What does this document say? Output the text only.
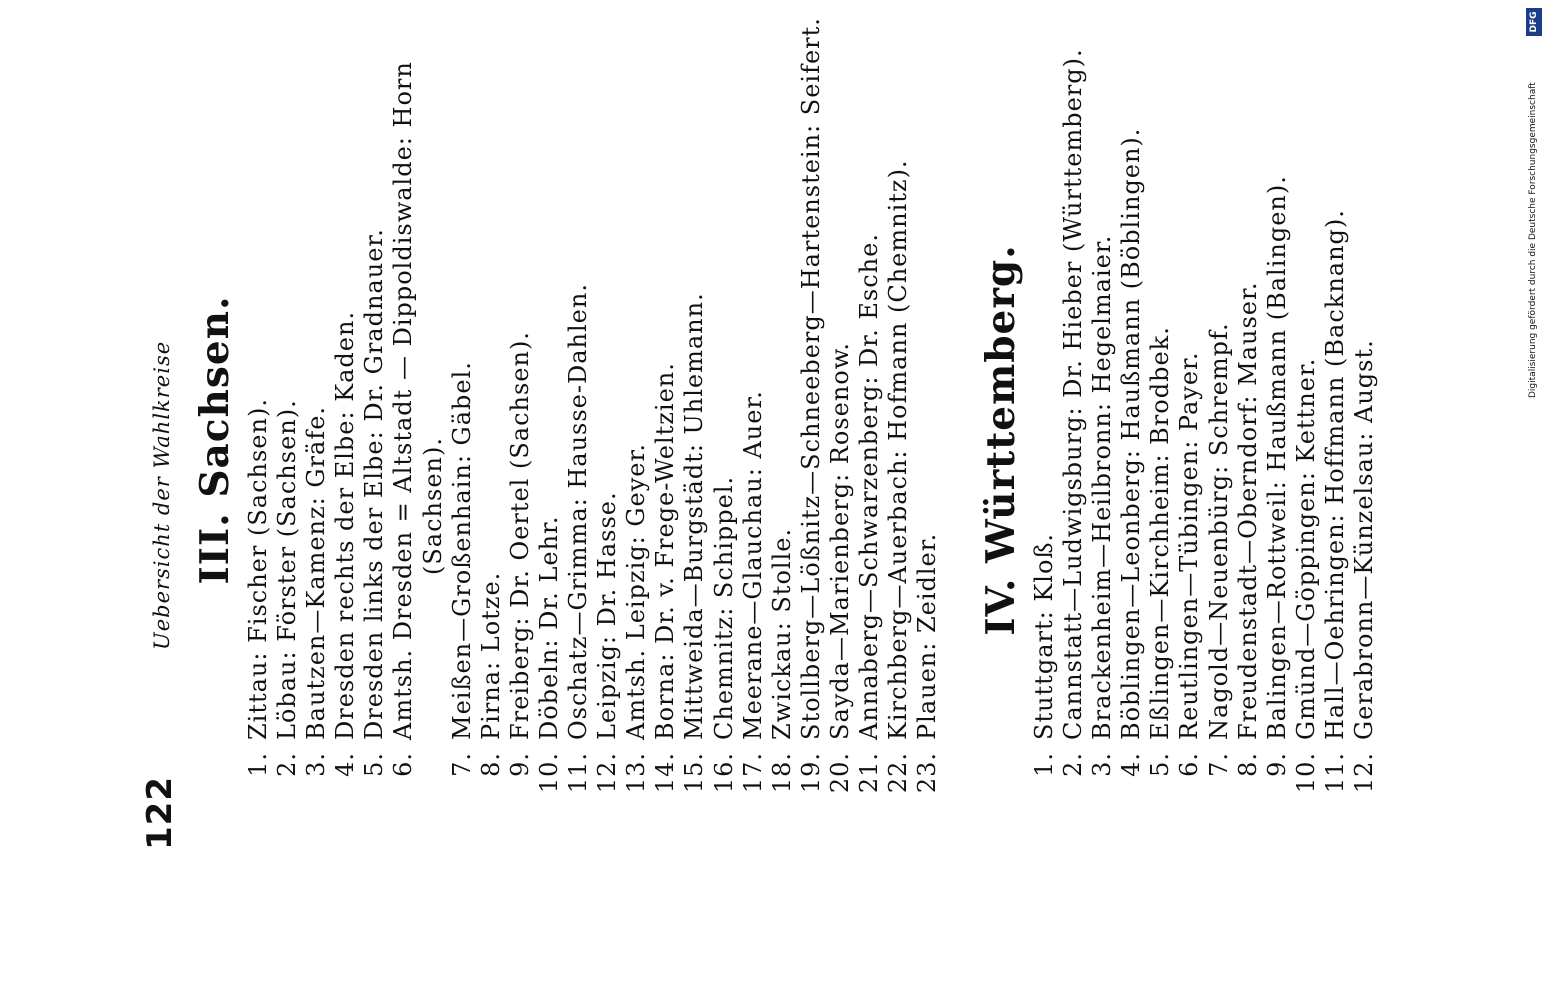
122
Uebersicht der Wahlkreise III. Sachsen.
1.
Zittau: Fischer (Sachsen).
2.
Löbau: Förster (Sachsen).
3.
Bautzen—Kamenz: Gräfe.
4.
Dresden rechts der Elbe: Kaden.
5.
Dresden links der Elbe: Dr. Gradnauer.
6.
Amtsh. Dresden = Altstadt — Dippoldiswalde: Horn (Sachsen).
7.
Meißen—Großenhain: Gäbel.
8.
Pirna: Lotze.
9.
Freiberg: Dr. Oertel (Sachsen).
10.
Döbeln: Dr. Lehr.
11.
Oschatz—Grimma: Hausse-Dahlen.
12.
Leipzig: Dr. Hasse.
13.
Amtsh. Leipzig: Geyer.
14.
Borna: Dr. v. Frege-Weltzien.
15.
Mittweida—Burgstädt: Uhlemann.
16.
Chemnitz: Schippel.
17.
Meerane—Glauchau: Auer.
18.
Zwickau: Stolle.
19.
Stollberg—Lößnitz—Schneeberg—Hartenstein: Seifert.
20.
Sayda—Marienberg: Rosenow.
21.
Annaberg—Schwarzenberg: Dr. Esche.
22.
Kirchberg—Auerbach: Hofmann (Chemnitz).
23.
Plauen: Zeidler.
IV. Württemberg.
1.
Stuttgart: Kloß.
2.
Cannstatt—Ludwigsburg: Dr. Hieber (Württemberg).
3.
Brackenheim—Heilbronn: Hegelmaier.
4.
Böblingen—Leonberg: Haußmann (Böblingen).
5.
Eßlingen—Kirchheim: Brodbek.
6.
Reutlingen—Tübingen: Payer.
7.
Nagold—Neuenbürg: Schrempf.
8.
Freudenstadt—Oberndorf: Mauser.
9.
Balingen—Rottweil: Haußmann (Balingen).
10.
Gmünd—Göppingen: Kettner.
11.
Hall—Oehringen: Hoffmann (Backnang).
12.
Gerabronn—Künzelsau: Augst.
DFG
Digitalisierung gefördert durch die Deutsche Forschungsgemeinschaft
